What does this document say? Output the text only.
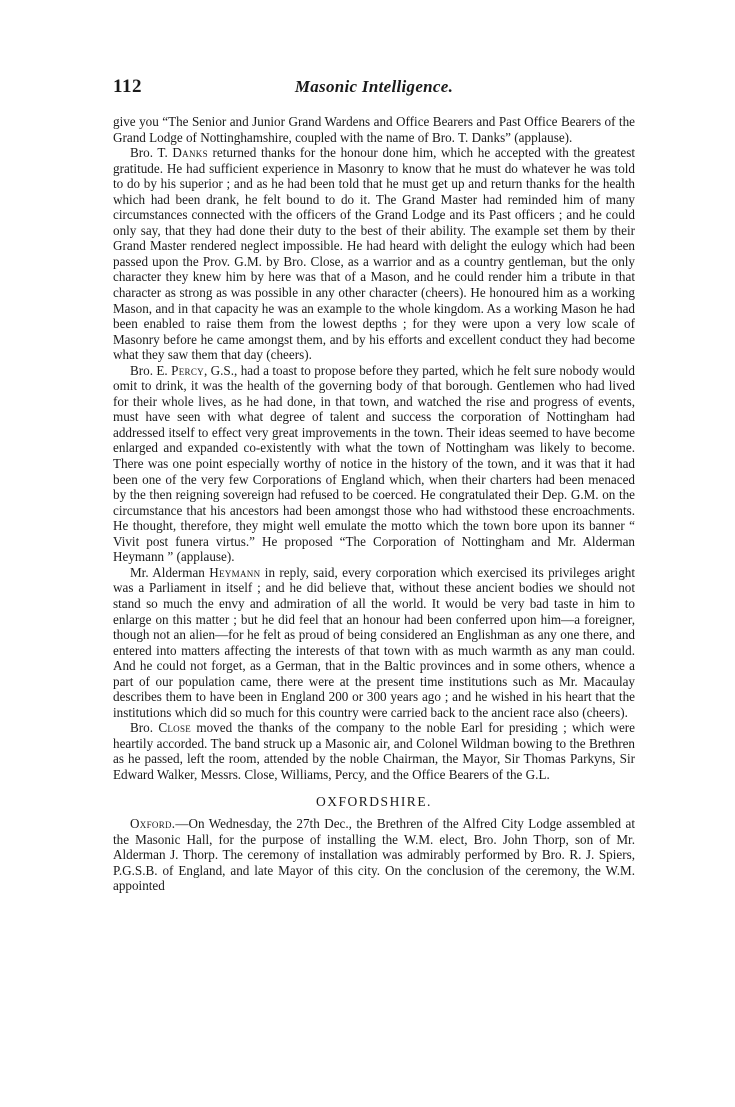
112	Masonic Intelligence.

give you “The Senior and Junior Grand Wardens and Office Bearers and Past Office Bearers of the Grand Lodge of Nottinghamshire, coupled with the name of Bro. T. Danks” (applause).

Bro. T. Danks returned thanks for the honour done him, which he accepted with the greatest gratitude. He had sufficient experience in Masonry to know that he must do whatever he was told to do by his superior ; and as he had been told that he must get up and return thanks for the health which had been drank, he felt bound to do it. The Grand Master had reminded him of many circumstances connected with the officers of the Grand Lodge and its Past officers ; and he could only say, that they had done their duty to the best of their ability. The example set them by their Grand Master rendered neglect impossible. He had heard with delight the eulogy which had been passed upon the Prov. G.M. by Bro. Close, as a warrior and as a country gentleman, but the only character they knew him by here was that of a Mason, and he could render him a tribute in that character as strong as was possible in any other character (cheers). He honoured him as a working Mason, and in that capacity he was an example to the whole kingdom. As a working Mason he had been enabled to raise them from the lowest depths ; for they were upon a very low scale of Masonry before he came amongst them, and by his efforts and excellent conduct they had become what they saw them that day (cheers).

Bro. E. Percy, G.S., had a toast to propose before they parted, which he felt sure nobody would omit to drink, it was the health of the governing body of that borough. Gentlemen who had lived for their whole lives, as he had done, in that town, and watched the rise and progress of events, must have seen with what degree of talent and success the corporation of Nottingham had addressed itself to effect very great improvements in the town. Their ideas seemed to have become enlarged and expanded co-existently with what the town of Nottingham was likely to become. There was one point especially worthy of notice in the history of the town, and it was that it had been one of the very few Corporations of England which, when their charters had been menaced by the then reigning sovereign had refused to be coerced. He congratulated their Dep. G.M. on the circumstance that his ancestors had been amongst those who had withstood these encroachments. He thought, therefore, they might well emulate the motto which the town bore upon its banner “ Vivit post funera virtus.” He proposed “The Corporation of Nottingham and Mr. Alderman Heymann ” (applause).

Mr. Alderman Heymann in reply, said, every corporation which exercised its privileges aright was a Parliament in itself ; and he did believe that, without these ancient bodies we should not stand so much the envy and admiration of all the world. It would be very bad taste in him to enlarge on this matter ; but he did feel that an honour had been conferred upon him—a foreigner, though not an alien—for he felt as proud of being considered an Englishman as any one there, and entered into matters affecting the interests of that town with as much warmth as any man could. And he could not forget, as a German, that in the Baltic provinces and in some others, whence a part of our population came, there were at the present time institutions such as Mr. Macaulay describes them to have been in England 200 or 300 years ago ; and he wished in his heart that the institutions which did so much for this country were carried back to the ancient race also (cheers).

Bro. Close moved the thanks of the company to the noble Earl for presiding ; which were heartily accorded. The band struck up a Masonic air, and Colonel Wildman bowing to the Brethren as he passed, left the room, attended by the noble Chairman, the Mayor, Sir Thomas Parkyns, Sir Edward Walker, Messrs. Close, Williams, Percy, and the Office Bearers of the G.L.

OXFORDSHIRE.

Oxford.—On Wednesday, the 27th Dec., the Brethren of the Alfred City Lodge assembled at the Masonic Hall, for the purpose of installing the W.M. elect, Bro. John Thorp, son of Mr. Alderman J. Thorp. The ceremony of installation was admirably performed by Bro. R. J. Spiers, P.G.S.B. of England, and late Mayor of this city. On the conclusion of the ceremony, the W.M. appointed
